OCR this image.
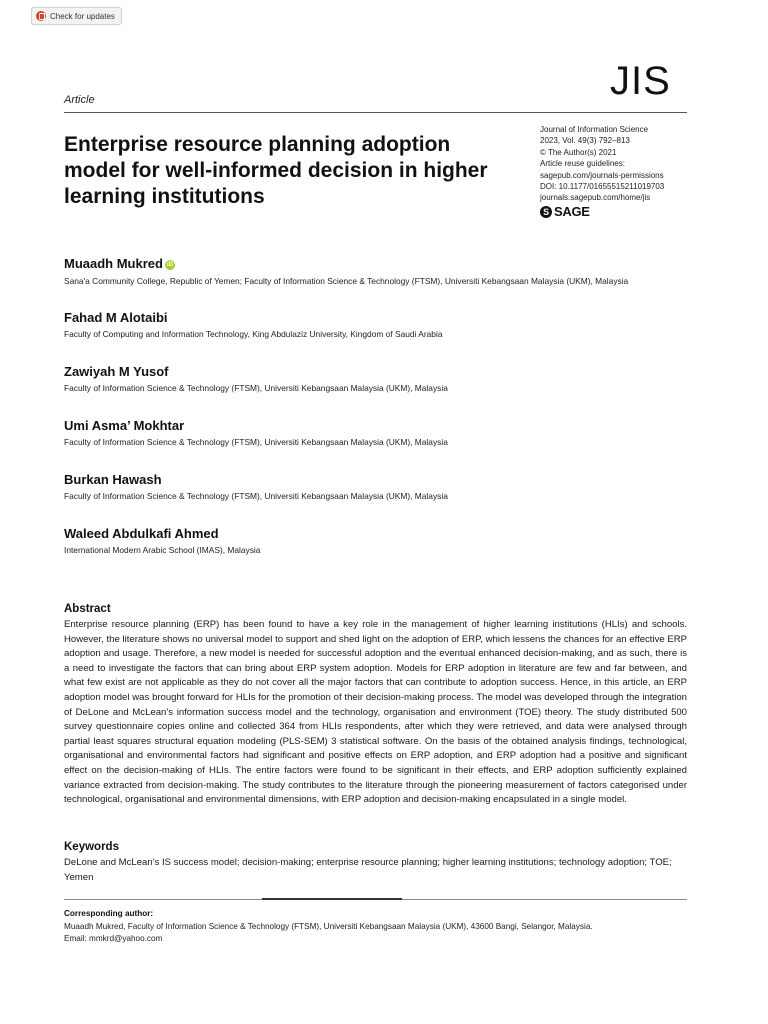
Check for updates
Article	JIS
Enterprise resource planning adoption model for well-informed decision in higher learning institutions
Journal of Information Science
2023, Vol. 49(3) 792–813
© The Author(s) 2021
Article reuse guidelines:
sagepub.com/journals-permissions
DOI: 10.1177/01655515211019703
journals.sagepub.com/home/jis
S SAGE
Muaadh Mukred iD
Sana'a Community College, Republic of Yemen; Faculty of Information Science & Technology (FTSM), Universiti Kebangsaan Malaysia (UKM), Malaysia
Fahad M Alotaibi
Faculty of Computing and Information Technology, King Abdulaziz University, Kingdom of Saudi Arabia
Zawiyah M Yusof
Faculty of Information Science & Technology (FTSM), Universiti Kebangsaan Malaysia (UKM), Malaysia
Umi Asma’ Mokhtar
Faculty of Information Science & Technology (FTSM), Universiti Kebangsaan Malaysia (UKM), Malaysia
Burkan Hawash
Faculty of Information Science & Technology (FTSM), Universiti Kebangsaan Malaysia (UKM), Malaysia
Waleed Abdulkafi Ahmed
International Modern Arabic School (IMAS), Malaysia
Abstract
Enterprise resource planning (ERP) has been found to have a key role in the management of higher learning institutions (HLIs) and schools. However, the literature shows no universal model to support and shed light on the adoption of ERP, which lessens the chances for an effective ERP adoption and usage. Therefore, a new model is needed for successful adoption and the eventual enhanced decision-making, and as such, there is a need to investigate the factors that can bring about ERP system adoption. Models for ERP adoption in literature are few and far between, and what few exist are not applicable as they do not cover all the major factors that can contribute to adoption success. Hence, in this article, an ERP adoption model was brought forward for HLIs for the promotion of their decision-making process. The model was developed through the integration of DeLone and McLean’s information success model and the technology, organisation and environment (TOE) theory. The study distributed 500 survey questionnaire copies online and collected 364 from HLIs respondents, after which they were retrieved, and data were analysed through partial least squares structural equation modeling (PLS-SEM) 3 statistical software. On the basis of the obtained analysis findings, technological, organisational and environmental factors had significant and positive effects on ERP adoption, and ERP adoption had a positive and significant effect on the decision-making of HLIs. The entire factors were found to be significant in their effects, and ERP adoption sufficiently explained variance extracted from decision-making. The study contributes to the literature through the pioneering measurement of factors categorised under technological, organisational and environmental dimensions, with ERP adoption and decision-making encapsulated in a single model.
Keywords
DeLone and McLean’s IS success model; decision-making; enterprise resource planning; higher learning institutions; technology adoption; TOE; Yemen
Corresponding author:
Muaadh Mukred, Faculty of Information Science & Technology (FTSM), Universiti Kebangsaan Malaysia (UKM), 43600 Bangi, Selangor, Malaysia.
Email: mmkrd@yahoo.com
